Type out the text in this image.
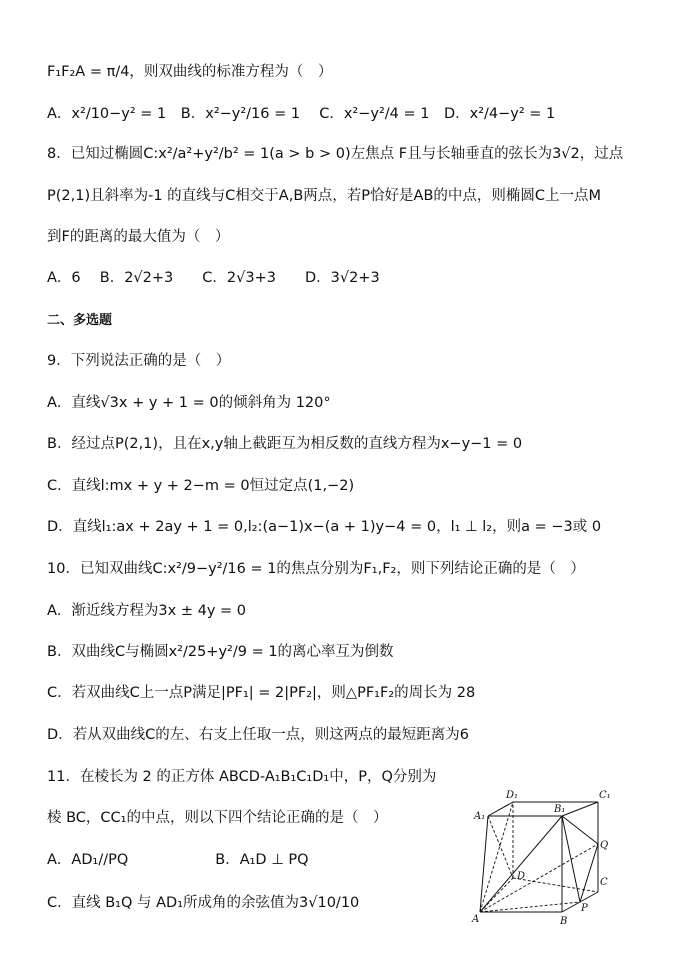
F₁F₂A = π/4，则双曲线的标准方程为（　）
A．x²/10−y² = 1　B．x²−y²/16 = 1　 C．x²−y²/4 = 1　D．x²/4−y² = 1
8．已知过椭圆C:x²/a²+y²/b² = 1(a > b > 0)左焦点 F且与长轴垂直的弦长为3√2，过点
P(2,1)且斜率为-1 的直线与C相交于A,B两点，若P恰好是AB的中点，则椭圆C上一点M
到F的距离的最大值为（　）
A．6　 B．2√2+3　　C．2√3+3　　D．3√2+3
二、多选题
9．下列说法正确的是（　）
A．直线√3x + y + 1 = 0的倾斜角为 120°
B．经过点P(2,1)，且在x,y轴上截距互为相反数的直线方程为x−y−1 = 0
C．直线l:mx + y + 2−m = 0恒过定点(1,−2)
D．直线l₁:ax + 2ay + 1 = 0,l₂:(a−1)x−(a + 1)y−4 = 0，l₁ ⊥ l₂，则a = −3或 0
10．已知双曲线C:x²/9−y²/16 = 1的焦点分别为F₁,F₂，则下列结论正确的是（　）
A．渐近线方程为3x ± 4y = 0
B．双曲线C与椭圆x²/25+y²/9 = 1的离心率互为倒数
C．若双曲线C上一点P满足|PF₁| = 2|PF₂|，则△PF₁F₂的周长为 28
D．若从双曲线C的左、右支上任取一点，则这两点的最短距离为6
11．在棱长为 2 的正方体 ABCD-A₁B₁C₁D₁中，P，Q分别为
棱 BC，CC₁的中点，则以下四个结论正确的是（　）
A．AD₁//PQ　　　　　　B．A₁D ⊥ PQ
C．直线 B₁Q 与 AD₁所成角的余弦值为3√10/10
D₁	C₁
A₁
B₁
Q
D
C
P
A	B
